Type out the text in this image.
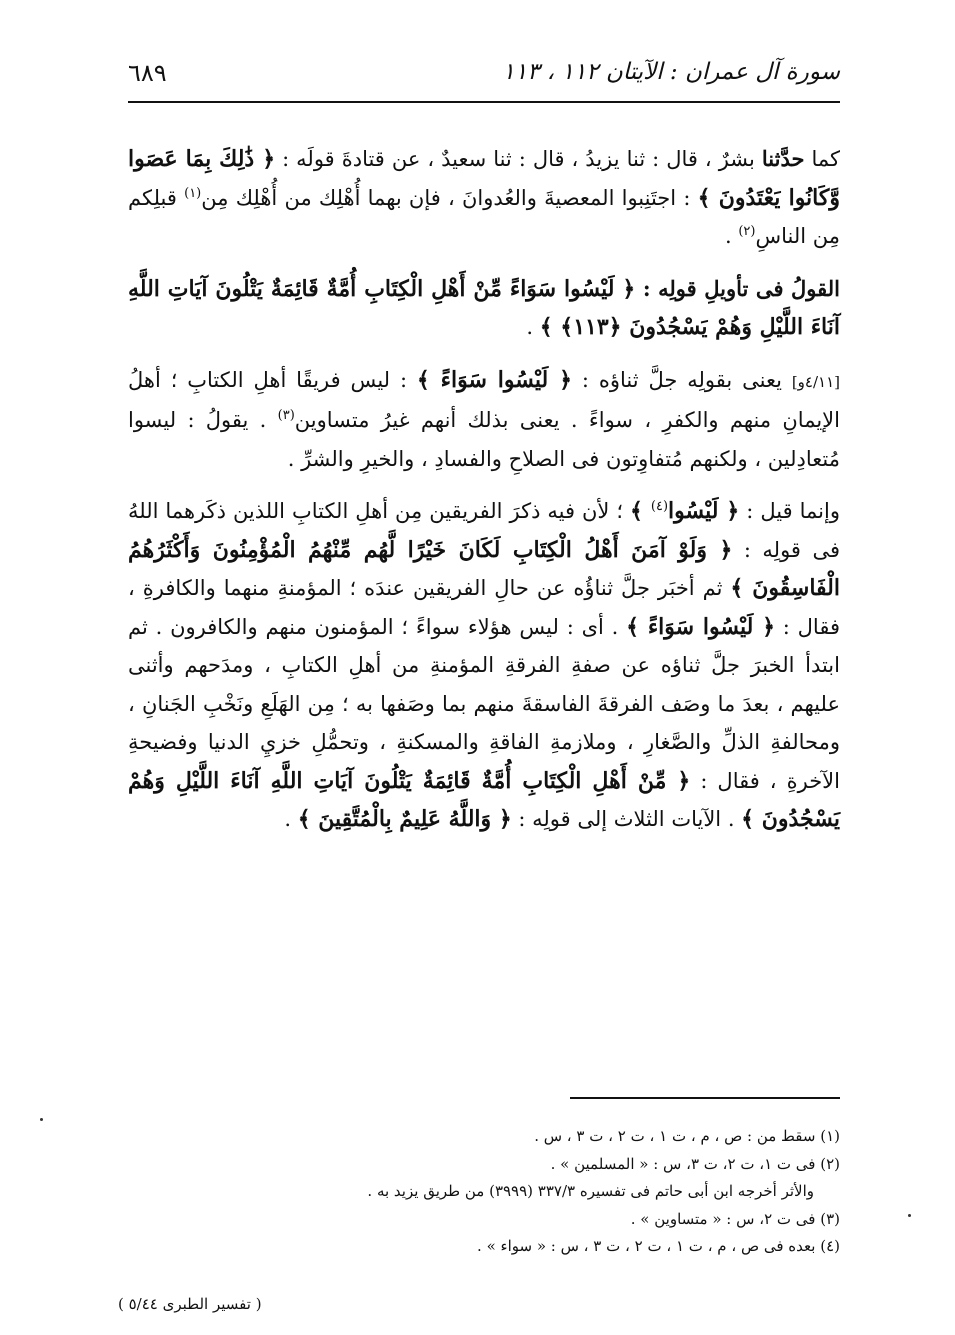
٦٨٩	سورة آل عمران : الآيتان ١١٢ ، ١١٣

كما حدَّثنا بشرٌ ، قال : ثنا يزيدُ ، قال : ثنا سعيدٌ ، عن قتادةَ قولَه : ﴿ ذَٰلِكَ بِمَا عَصَوا وَّكَانُوا يَعْتَدُونَ ﴾ : اجتَنِبوا المعصيةَ والعُدوانَ ، فإن بهما أُهْلِك من أُهْلِك مِن$^{(١)}$ قبلِكم مِن الناسِ$^{(٢)}$ .

القولُ فى تأويلِ قولِه : ﴿ لَيْسُوا سَوَاءً مِّنْ أَهْلِ الْكِتَابِ أُمَّةٌ قَائِمَةٌ يَتْلُونَ آيَاتِ اللَّهِ آنَاءَ اللَّيْلِ وَهُمْ يَسْجُدُونَ ﴿١١٣﴾ ﴾ .

[٤/١١و] يعنى بقولِه جلَّ ثناؤه : ﴿ لَيْسُوا سَوَاءً ﴾ : ليس فريقًا أهلِ الكتابِ ؛ أهلُ الإيمانِ منهم والكفرِ ، سواءً . يعنى بذلك أنهم غيرُ متساوين$^{(٣)}$ . يقولُ : ليسوا مُتعادِلين ، ولكنهم مُتفاوِتون فى الصلاحِ والفسادِ ، والخيرِ والشرِّ .

وإنما قيل : ﴿ لَيْسُوا$^{(٤)}$ ﴾ ؛ لأن فيه ذكرَ الفريقين مِن أهلِ الكتابِ اللذين ذكَرهما اللهُ فى قولِه : ﴿ وَلَوْ آمَنَ أَهْلُ الْكِتَابِ لَكَانَ خَيْرًا لَّهُم مِّنْهُمُ الْمُؤْمِنُونَ وَأَكْثَرُهُمُ الْفَاسِقُونَ ﴾ ثم أخبَر جلَّ ثناؤُه عن حالِ الفريقين عندَه ؛ المؤمنةِ منهما والكافرةِ ، فقال : ﴿ لَيْسُوا سَوَاءً ﴾ . أى : ليس هؤلاء سواءً ؛ المؤمنون منهم والكافرون . ثم ابتدأ الخبرَ جلَّ ثناؤه عن صفةِ الفرقةِ المؤمنةِ من أهلِ الكتابِ ، ومدَحهم وأثنى عليهم ، بعدَ ما وصَف الفرقةَ الفاسقةَ منهم بما وصَفها به ؛ مِن الهَلَعِ ونَخْبِ الجَنانِ ، ومحالفةِ الذلِّ والصَّغارِ ، وملازمةِ الفاقةِ والمسكنةِ ، وتحمُّلِ خزيِ الدنيا وفضيحةِ الآخرةِ ، فقال : ﴿ مِّنْ أَهْلِ الْكِتَابِ أُمَّةٌ قَائِمَةٌ يَتْلُونَ آيَاتِ اللَّهِ آنَاءَ اللَّيْلِ وَهُمْ يَسْجُدُونَ ﴾ . الآيات الثلاث إلى قولِه : ﴿ وَاللَّهُ عَلِيمٌ بِالْمُتَّقِينَ ﴾ .

(١) سقط من : ص ، م ، ت ١ ، ت ٢ ، ت ٣ ، س .
(٢) فى ت ١، ت ٢، ت ٣، س : « المسلمين » .
والأثر أخرجه ابن أبى حاتم فى تفسيره ٣٣٧/٣ (٣٩٩٩) من طريق يزيد به .
(٣) فى ت ٢، س : « متساوين » .
(٤) بعده فى ص ، م ، ت ١ ، ت ٢ ، ت ٣ ، س : « سواء » .
( تفسير الطبرى ٥/٤٤ )
